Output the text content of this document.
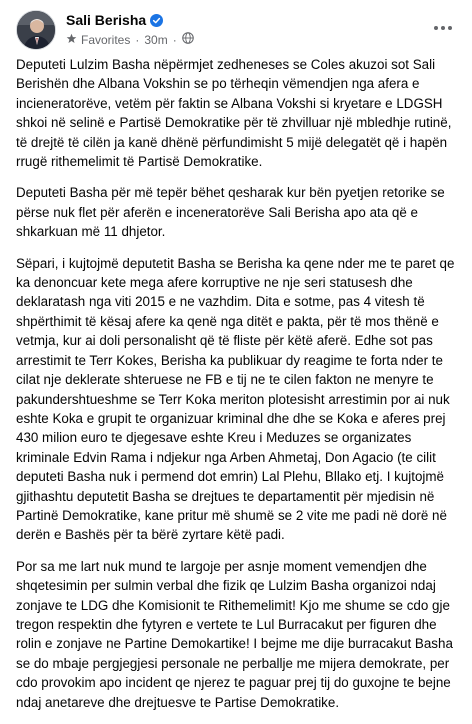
Sali Berisha
Favorites · 30m ·

Deputeti Lulzim Basha nëpërmjet zedheneses se Coles akuzoi sot Sali Berishën dhe Albana Vokshin se po tërheqin vëmendjen nga afera e incieneratorëve, vetëm për faktin se Albana Vokshi si kryetare e LDGSH shkoi në selinë e Partisë Demokratike për të zhvilluar një mbledhje rutinë, të drejtë të cilën ja kanë dhënë përfundimisht 5 mijë delegatët që i hapën rrugë rithemelimit të Partisë Demokratike.

Deputeti Basha për më tepër bëhet qesharak kur bën pyetjen retorike se përse nuk flet për aferën e inceneratorëve Sali Berisha apo ata që e shkarkuan më 11 dhjetor.

Sëpari, i kujtojmë deputetit Basha se Berisha ka qene nder me te paret qe ka denoncuar kete mega afere korruptive ne nje seri statusesh dhe deklaratash nga viti 2015 e ne vazhdim. Dita e sotme, pas 4 vitesh të shpërthimit të kësaj afere ka qenë nga ditët e pakta, për të mos thënë e vetmja, kur ai doli personalisht që të fliste për këtë aferë. Edhe sot pas arrestimit te Terr Kokes, Berisha ka publikuar dy reagime te forta nder te cilat nje deklerate shteruese ne FB e tij ne te cilen fakton ne menyre te pakundershtueshme se Terr Koka meriton plotesisht arrestimin por ai nuk eshte Koka e grupit te organizuar kriminal dhe dhe se Koka e aferes prej 430 milion euro te djegesave eshte Kreu i Meduzes se organizates kriminale Edvin Rama i ndjekur nga Arben Ahmetaj, Don Agacio (te cilit deputeti Basha nuk i permend dot emrin) Lal Plehu, Bllako etj. I kujtojmë gjithashtu deputetit Basha se drejtues te departamentit për mjedisin në Partinë Demokratike, kane pritur më shumë se 2 vite me padi në dorë në derën e Bashës për ta bërë zyrtare këtë padi.

Por sa me lart nuk mund te largoje per asnje moment vemendjen dhe shqetesimin per sulmin verbal dhe fizik qe Lulzim Basha organizoi ndaj zonjave te LDG dhe Komisionit te Rithemelimit! Kjo me shume se cdo gje tregon respektin dhe fytyren e vertete te Lul Burracakut per figuren dhe rolin e zonjave ne Partine Demokartike! I bejme me dije burracakut Basha se do mbaje pergjegjesi personale ne perballje me mijera demokrate, per cdo provokim apo incident qe njerez te paguar prej tij do guxojne te bejne ndaj anetareve dhe drejtuesve te Partise Demokratike.
